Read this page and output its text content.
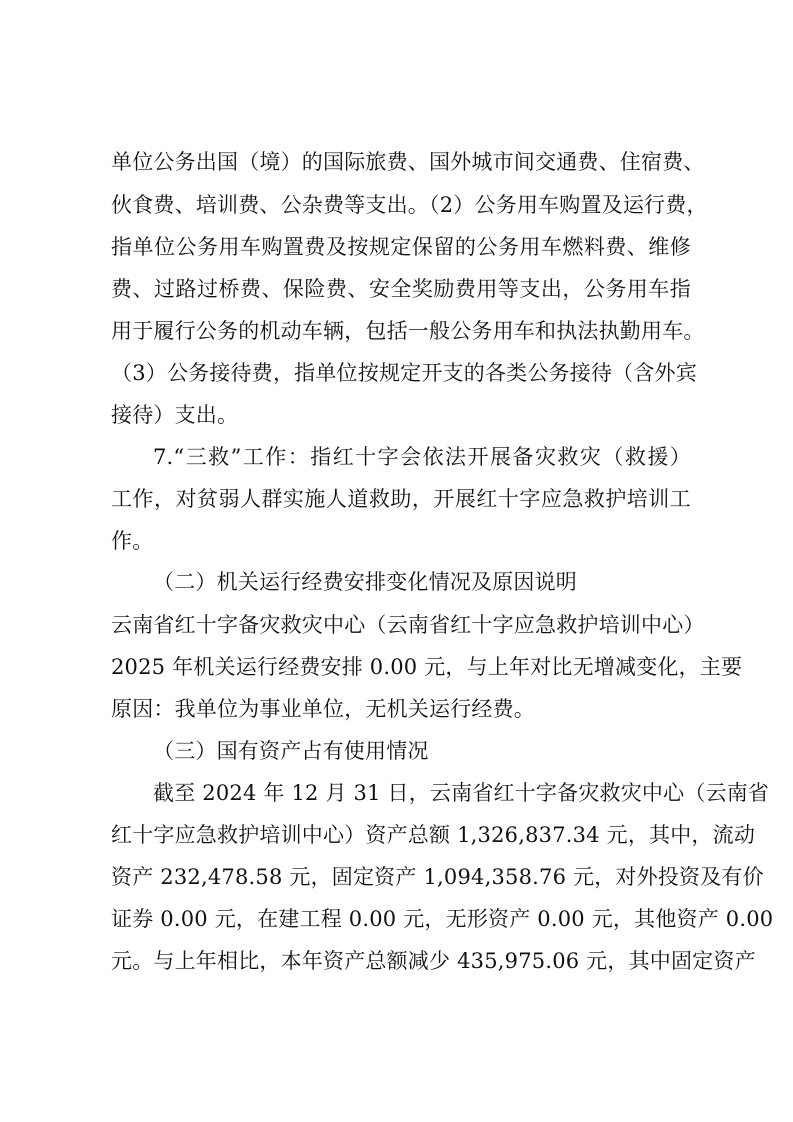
单位公务出国（境）的国际旅费、国外城市间交通费、住宿费、
伙食费、培训费、公杂费等支出。（2）公务用车购置及运行费，
指单位公务用车购置费及按规定保留的公务用车燃料费、维修
费、过路过桥费、保险费、安全奖励费用等支出，公务用车指
用于履行公务的机动车辆，包括一般公务用车和执法执勤用车。
（3）公务接待费，指单位按规定开支的各类公务接待（含外宾
接待）支出。
7.“三救”工作：指红十字会依法开展备灾救灾（救援）
工作，对贫弱人群实施人道救助，开展红十字应急救护培训工
作。
（二）机关运行经费安排变化情况及原因说明
云南省红十字备灾救灾中心（云南省红十字应急救护培训中心）
2025 年机关运行经费安排 0.00 元，与上年对比无增减变化，主要
原因：我单位为事业单位，无机关运行经费。
（三）国有资产占有使用情况
截至 2024 年 12 月 31 日，云南省红十字备灾救灾中心（云南省
红十字应急救护培训中心）资产总额 1,326,837.34 元，其中，流动
资产 232,478.58 元，固定资产 1,094,358.76 元，对外投资及有价
证券 0.00 元，在建工程 0.00 元，无形资产 0.00 元，其他资产 0.00
元。与上年相比，本年资产总额减少 435,975.06 元，其中固定资产
